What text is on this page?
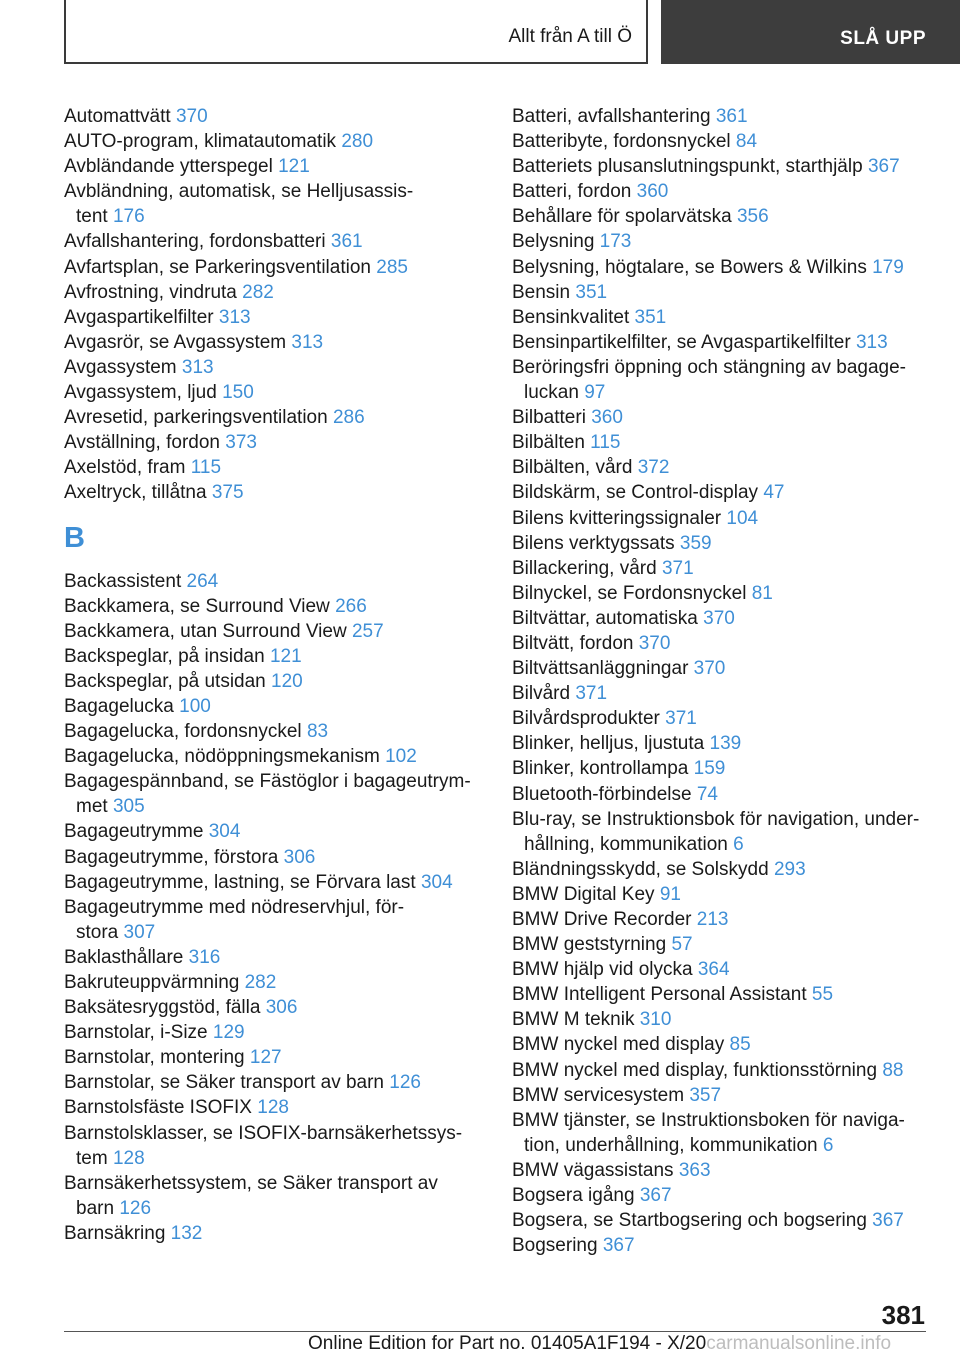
Allt från A till Ö	SLÅ UPP
Automattvätt 370
AUTO-program, klimatautomatik 280
Avbländande ytterspegel 121
Avbländning, automatisk, se Helljusassis-
tent 176
Avfallshantering, fordonsbatteri 361
Avfartsplan, se Parkeringsventilation 285
Avfrostning, vindruta 282
Avgaspartikelfilter 313
Avgasrör, se Avgassystem 313
Avgassystem 313
Avgassystem, ljud 150
Avresetid, parkeringsventilation 286
Avställning, fordon 373
Axelstöd, fram 115
Axeltryck, tillåtna 375
B
Backassistent 264
Backkamera, se Surround View 266
Backkamera, utan Surround View 257
Backspeglar, på insidan 121
Backspeglar, på utsidan 120
Bagagelucka 100
Bagagelucka, fordonsnyckel 83
Bagagelucka, nödöppningsmekanism 102
Bagagespännband, se Fästöglor i bagageutrym-
met 305
Bagageutrymme 304
Bagageutrymme, förstora 306
Bagageutrymme, lastning, se Förvara last 304
Bagageutrymme med nödreservhjul, för-
stora 307
Baklasthållare 316
Bakruteuppvärmning 282
Baksätesryggstöd, fälla 306
Barnstolar, i-Size 129
Barnstolar, montering 127
Barnstolar, se Säker transport av barn 126
Barnstolsfäste ISOFIX 128
Barnstolsklasser, se ISOFIX-barnsäkerhetssys-
tem 128
Barnsäkerhetssystem, se Säker transport av
barn 126
Barnsäkring 132
Batteri, avfallshantering 361
Batteribyte, fordonsnyckel 84
Batteriets plusanslutningspunkt, starthjälp 367
Batteri, fordon 360
Behållare för spolarvätska 356
Belysning 173
Belysning, högtalare, se Bowers & Wilkins 179
Bensin 351
Bensinkvalitet 351
Bensinpartikelfilter, se Avgaspartikelfilter 313
Beröringsfri öppning och stängning av bagage-
luckan 97
Bilbatteri 360
Bilbälten 115
Bilbälten, vård 372
Bildskärm, se Control-display 47
Bilens kvitteringssignaler 104
Bilens verktygssats 359
Billackering, vård 371
Bilnyckel, se Fordonsnyckel 81
Biltvättar, automatiska 370
Biltvätt, fordon 370
Biltvättsanläggningar 370
Bilvård 371
Bilvårdsprodukter 371
Blinker, helljus, ljustuta 139
Blinker, kontrollampa 159
Bluetooth-förbindelse 74
Blu-ray, se Instruktionsbok för navigation, under-
hållning, kommunikation 6
Bländningsskydd, se Solskydd 293
BMW Digital Key 91
BMW Drive Recorder 213
BMW geststyrning 57
BMW hjälp vid olycka 364
BMW Intelligent Personal Assistant 55
BMW M teknik 310
BMW nyckel med display 85
BMW nyckel med display, funktionsstörning 88
BMW servicesystem 357
BMW tjänster, se Instruktionsboken för naviga-
tion, underhållning, kommunikation 6
BMW vägassistans 363
Bogsera igång 367
Bogsera, se Startbogsering och bogsering 367
Bogsering 367
381
Online Edition for Part no. 01405A1F194 - X/20carmanualsonline.info
